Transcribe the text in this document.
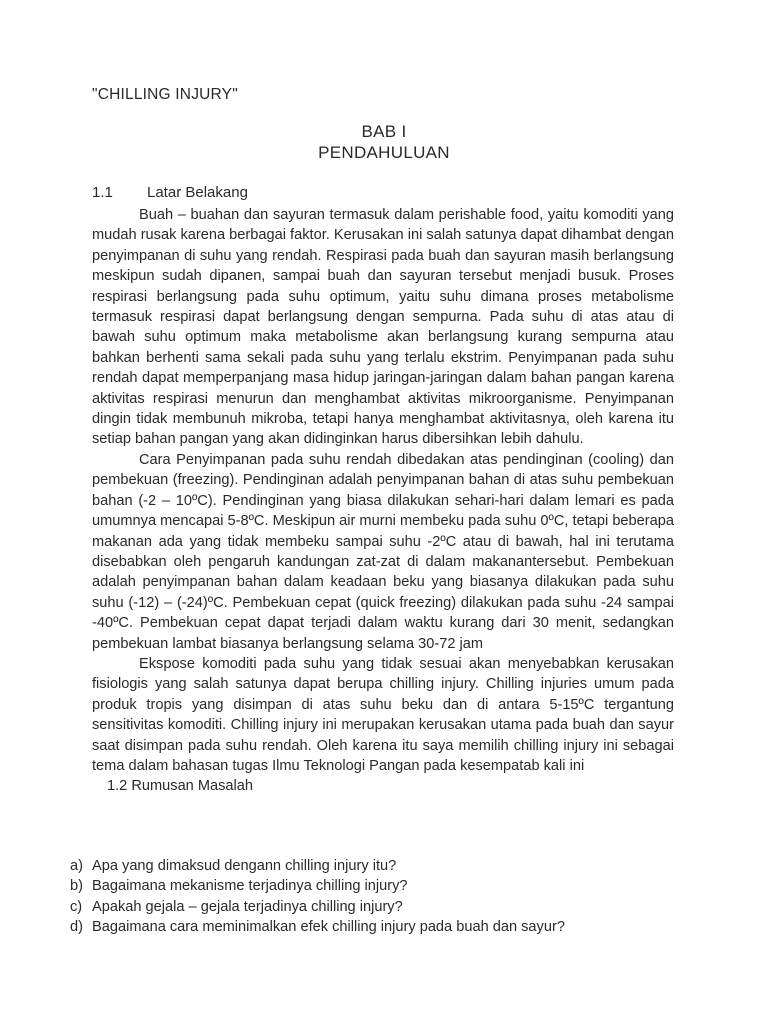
"CHILLING INJURY"
BAB I
PENDAHULUAN
1.1 Latar Belakang

Buah – buahan dan sayuran termasuk dalam perishable food, yaitu komoditi yang mudah rusak karena berbagai faktor. Kerusakan ini salah satunya dapat dihambat dengan penyimpanan di suhu yang rendah. Respirasi pada buah dan sayuran masih berlangsung meskipun sudah dipanen, sampai buah dan sayuran tersebut menjadi busuk. Proses respirasi berlangsung pada suhu optimum, yaitu suhu dimana proses metabolisme termasuk respirasi dapat berlangsung dengan sempurna. Pada suhu di atas atau di bawah suhu optimum maka metabolisme akan berlangsung kurang sempurna atau bahkan berhenti sama sekali pada suhu yang terlalu ekstrim. Penyimpanan pada suhu rendah dapat memperpanjang masa hidup jaringan-jaringan dalam bahan pangan karena aktivitas respirasi menurun dan menghambat aktivitas mikroorganisme. Penyimpanan dingin tidak membunuh mikroba, tetapi hanya menghambat aktivitasnya, oleh karena itu setiap bahan pangan yang akan didinginkan harus dibersihkan lebih dahulu.

Cara Penyimpanan pada suhu rendah dibedakan atas pendinginan (cooling) dan pembekuan (freezing). Pendinginan adalah penyimpanan bahan di atas suhu pembekuan bahan (-2 – 10ºC). Pendinginan yang biasa dilakukan sehari-hari dalam lemari es pada umumnya mencapai 5-8ºC. Meskipun air murni membeku pada suhu 0ºC, tetapi beberapa makanan ada yang tidak membeku sampai suhu -2ºC atau di bawah, hal ini terutama disebabkan oleh pengaruh kandungan zat-zat di dalam makanantersebut. Pembekuan adalah penyimpanan bahan dalam keadaan beku yang biasanya dilakukan pada suhu suhu (-12) – (-24)ºC. Pembekuan cepat (quick freezing) dilakukan pada suhu -24 sampai -40ºC. Pembekuan cepat dapat terjadi dalam waktu kurang dari 30 menit, sedangkan pembekuan lambat biasanya berlangsung selama 30-72 jam

Ekspose komoditi pada suhu yang tidak sesuai akan menyebabkan kerusakan fisiologis yang salah satunya dapat berupa chilling injury. Chilling injuries umum pada produk tropis yang disimpan di atas suhu beku dan di antara 5-15ºC tergantung sensitivitas komoditi. Chilling injury ini merupakan kerusakan utama pada buah dan sayur saat disimpan pada suhu rendah. Oleh karena itu saya memilih chilling injury ini sebagai tema dalam bahasan tugas Ilmu Teknologi Pangan pada kesempatab kali ini

1.2 Rumusan Masalah
a) Apa yang dimaksud dengann chilling injury itu?
b) Bagaimana mekanisme terjadinya chilling injury?
c) Apakah gejala – gejala terjadinya chilling injury?
d) Bagaimana cara meminimalkan efek chilling injury pada buah dan sayur?
